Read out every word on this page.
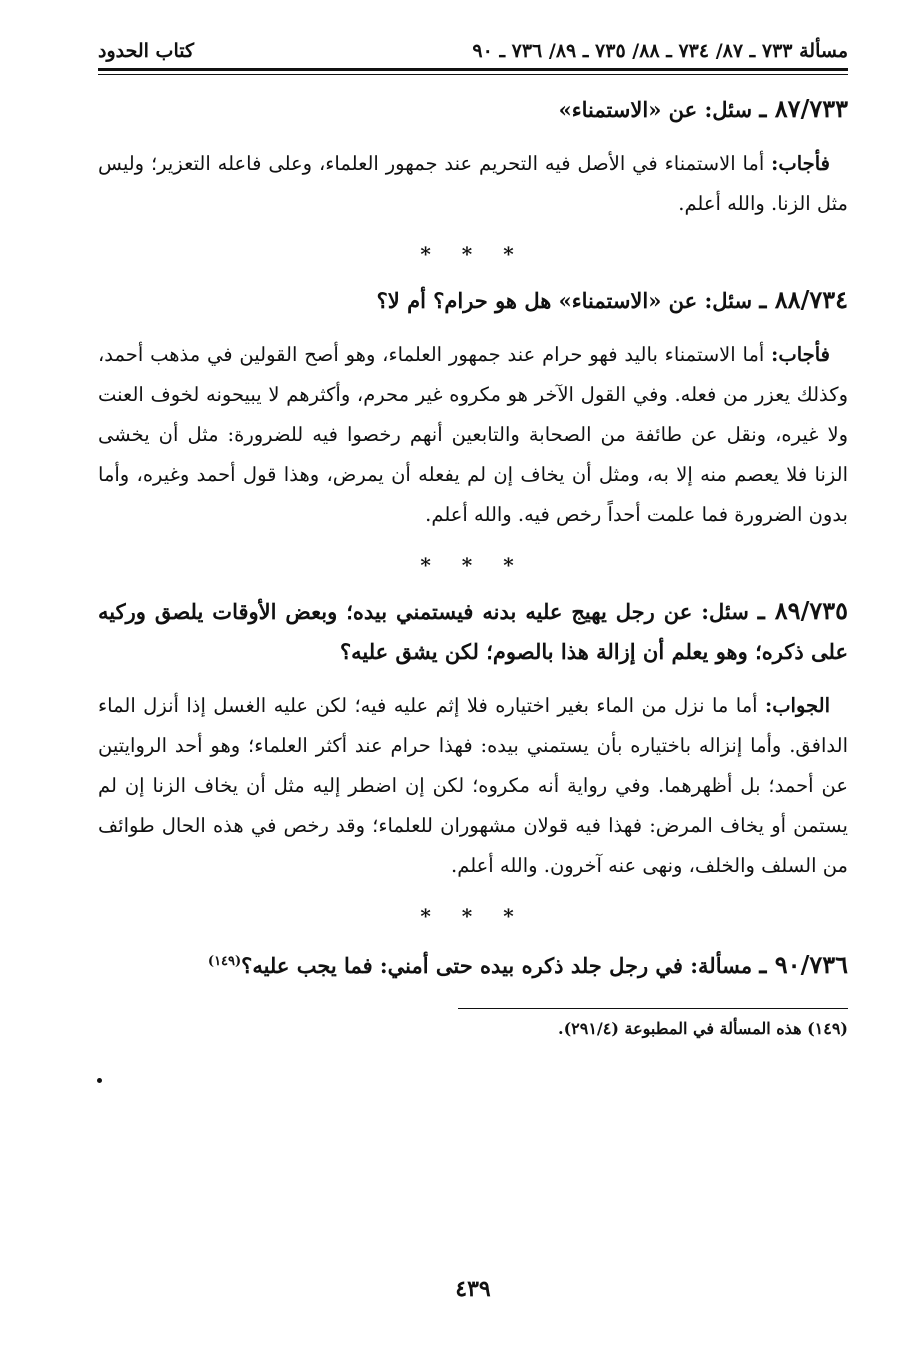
مسألة ٧٣٣ ـ ٨٧/ ٧٣٤ ـ ٨٨/ ٧٣٥ ـ ٨٩/ ٧٣٦ ـ ٩٠
كتاب الحدود
٨٧/٧٣٣ ـ سئل: عن «الاستمناء»
فأجاب: أما الاستمناء في الأصل فيه التحريم عند جمهور العلماء، وعلى فاعله التعزير؛ وليس مثل الزنا. والله أعلم.
* * *
٨٨/٧٣٤ ـ سئل: عن «الاستمناء» هل هو حرام؟ أم لا؟
فأجاب: أما الاستمناء باليد فهو حرام عند جمهور العلماء، وهو أصح القولين في مذهب أحمد، وكذلك يعزر من فعله. وفي القول الآخر هو مكروه غير محرم، وأكثرهم لا يبيحونه لخوف العنت ولا غيره، ونقل عن طائفة من الصحابة والتابعين أنهم رخصوا فيه للضرورة: مثل أن يخشى الزنا فلا يعصم منه إلا به، ومثل أن يخاف إن لم يفعله أن يمرض، وهذا قول أحمد وغيره، وأما بدون الضرورة فما علمت أحداً رخص فيه. والله أعلم.
* * *
٨٩/٧٣٥ ـ سئل: عن رجل يهيج عليه بدنه فيستمني بيده؛ وبعض الأوقات يلصق وركيه على ذكره؛ وهو يعلم أن إزالة هذا بالصوم؛ لكن يشق عليه؟
الجواب: أما ما نزل من الماء بغير اختياره فلا إثم عليه فيه؛ لكن عليه الغسل إذا أنزل الماء الدافق. وأما إنزاله باختياره بأن يستمني بيده: فهذا حرام عند أكثر العلماء؛ وهو أحد الروايتين عن أحمد؛ بل أظهرهما. وفي رواية أنه مكروه؛ لكن إن اضطر إليه مثل أن يخاف الزنا إن لم يستمن أو يخاف المرض: فهذا فيه قولان مشهوران للعلماء؛ وقد رخص في هذه الحال طوائف من السلف والخلف، ونهى عنه آخرون. والله أعلم.
* * *
٩٠/٧٣٦ ـ مسألة: في رجل جلد ذكره بيده حتى أمني: فما يجب عليه؟$^{(١٤٩)}$
(١٤٩) هذه المسألة في المطبوعة (٢٩١/٤).
٤٣٩
